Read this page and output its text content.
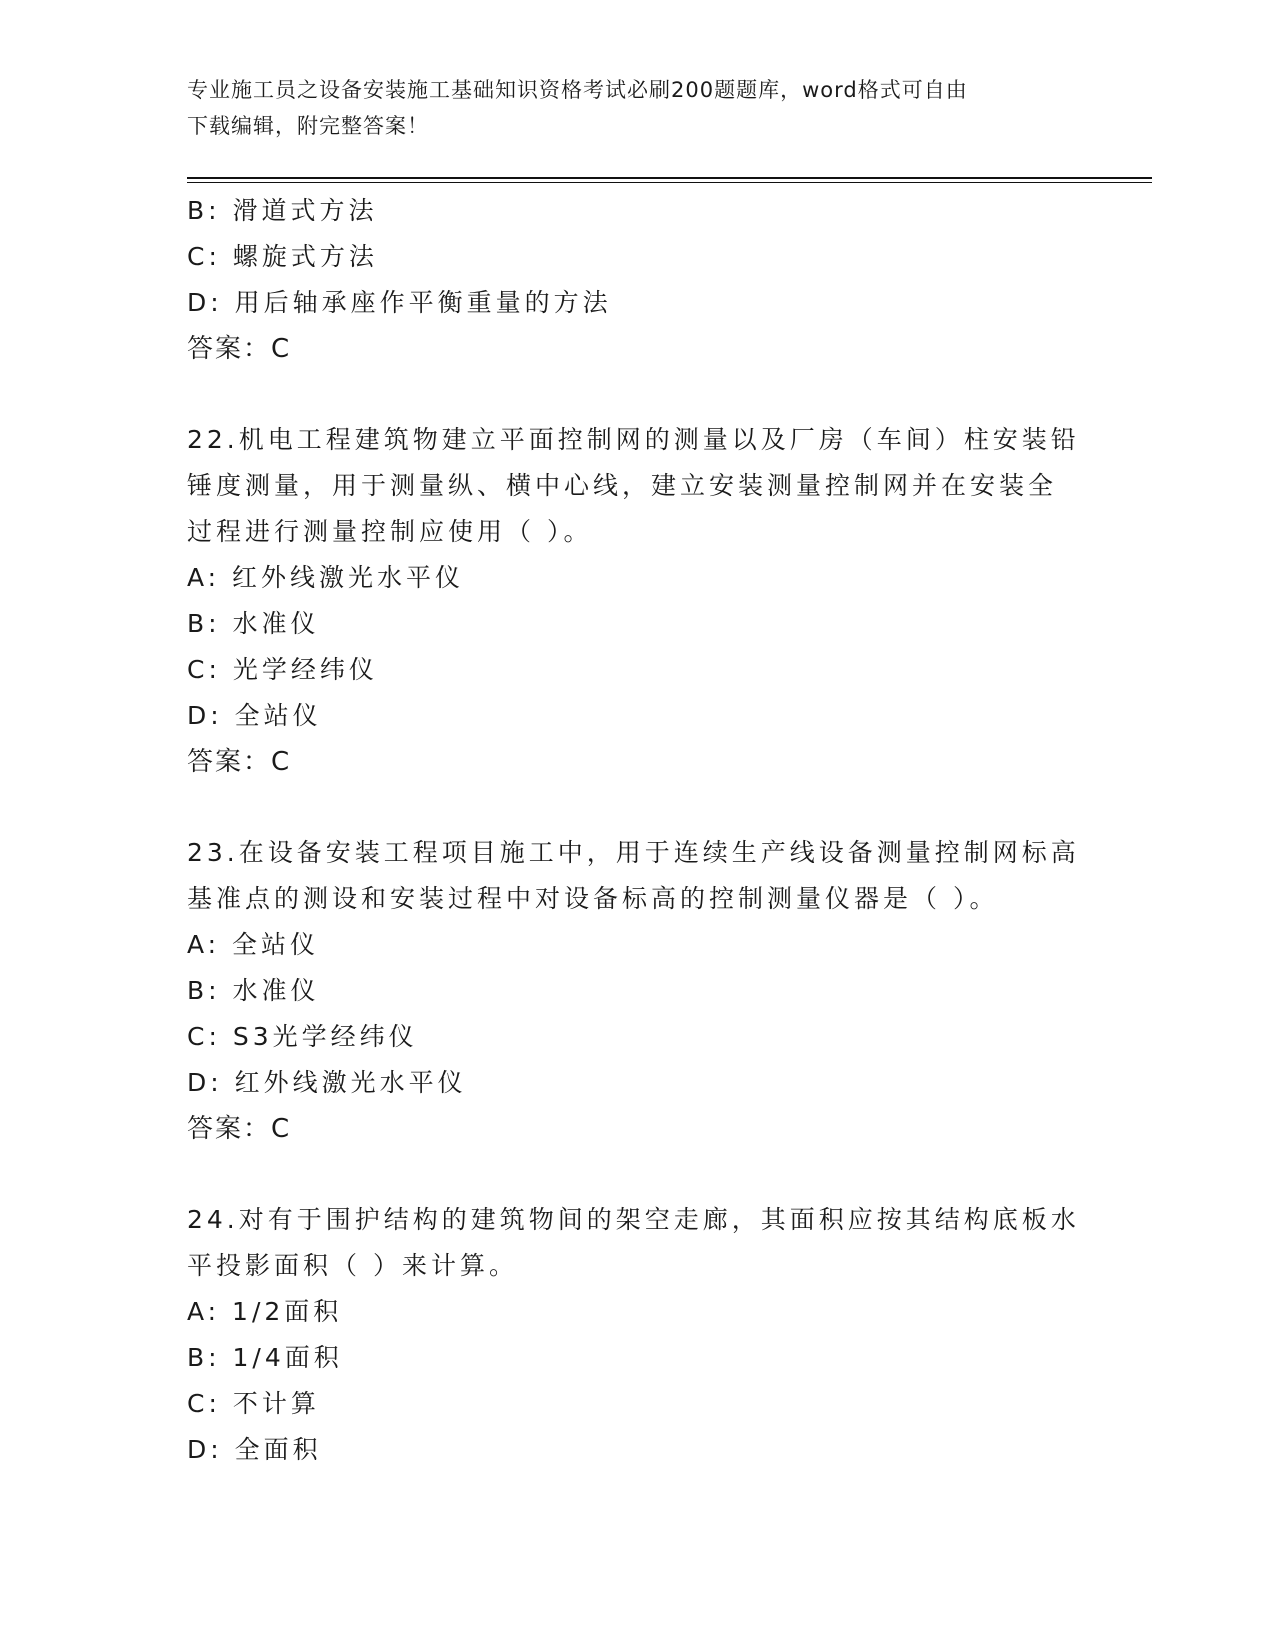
专业施工员之设备安装施工基础知识资格考试必刷200题题库，word格式可自由
下载编辑，附完整答案！
B: 滑道式方法
C: 螺旋式方法
D: 用后轴承座作平衡重量的方法
答案：C
22.机电工程建筑物建立平面控制网的测量以及厂房（车间）柱安装铅
锤度测量，用于测量纵、横中心线，建立安装测量控制网并在安装全
过程进行测量控制应使用（ ）。
A: 红外线激光水平仪
B: 水准仪
C: 光学经纬仪
D: 全站仪
答案：C
23.在设备安装工程项目施工中，用于连续生产线设备测量控制网标高
基准点的测设和安装过程中对设备标高的控制测量仪器是（ ）。
A: 全站仪
B: 水准仪
C: S3光学经纬仪
D: 红外线激光水平仪
答案：C
24.对有于围护结构的建筑物间的架空走廊，其面积应按其结构底板水
平投影面积（ ）来计算。
A: 1/2面积
B: 1/4面积
C: 不计算
D: 全面积
